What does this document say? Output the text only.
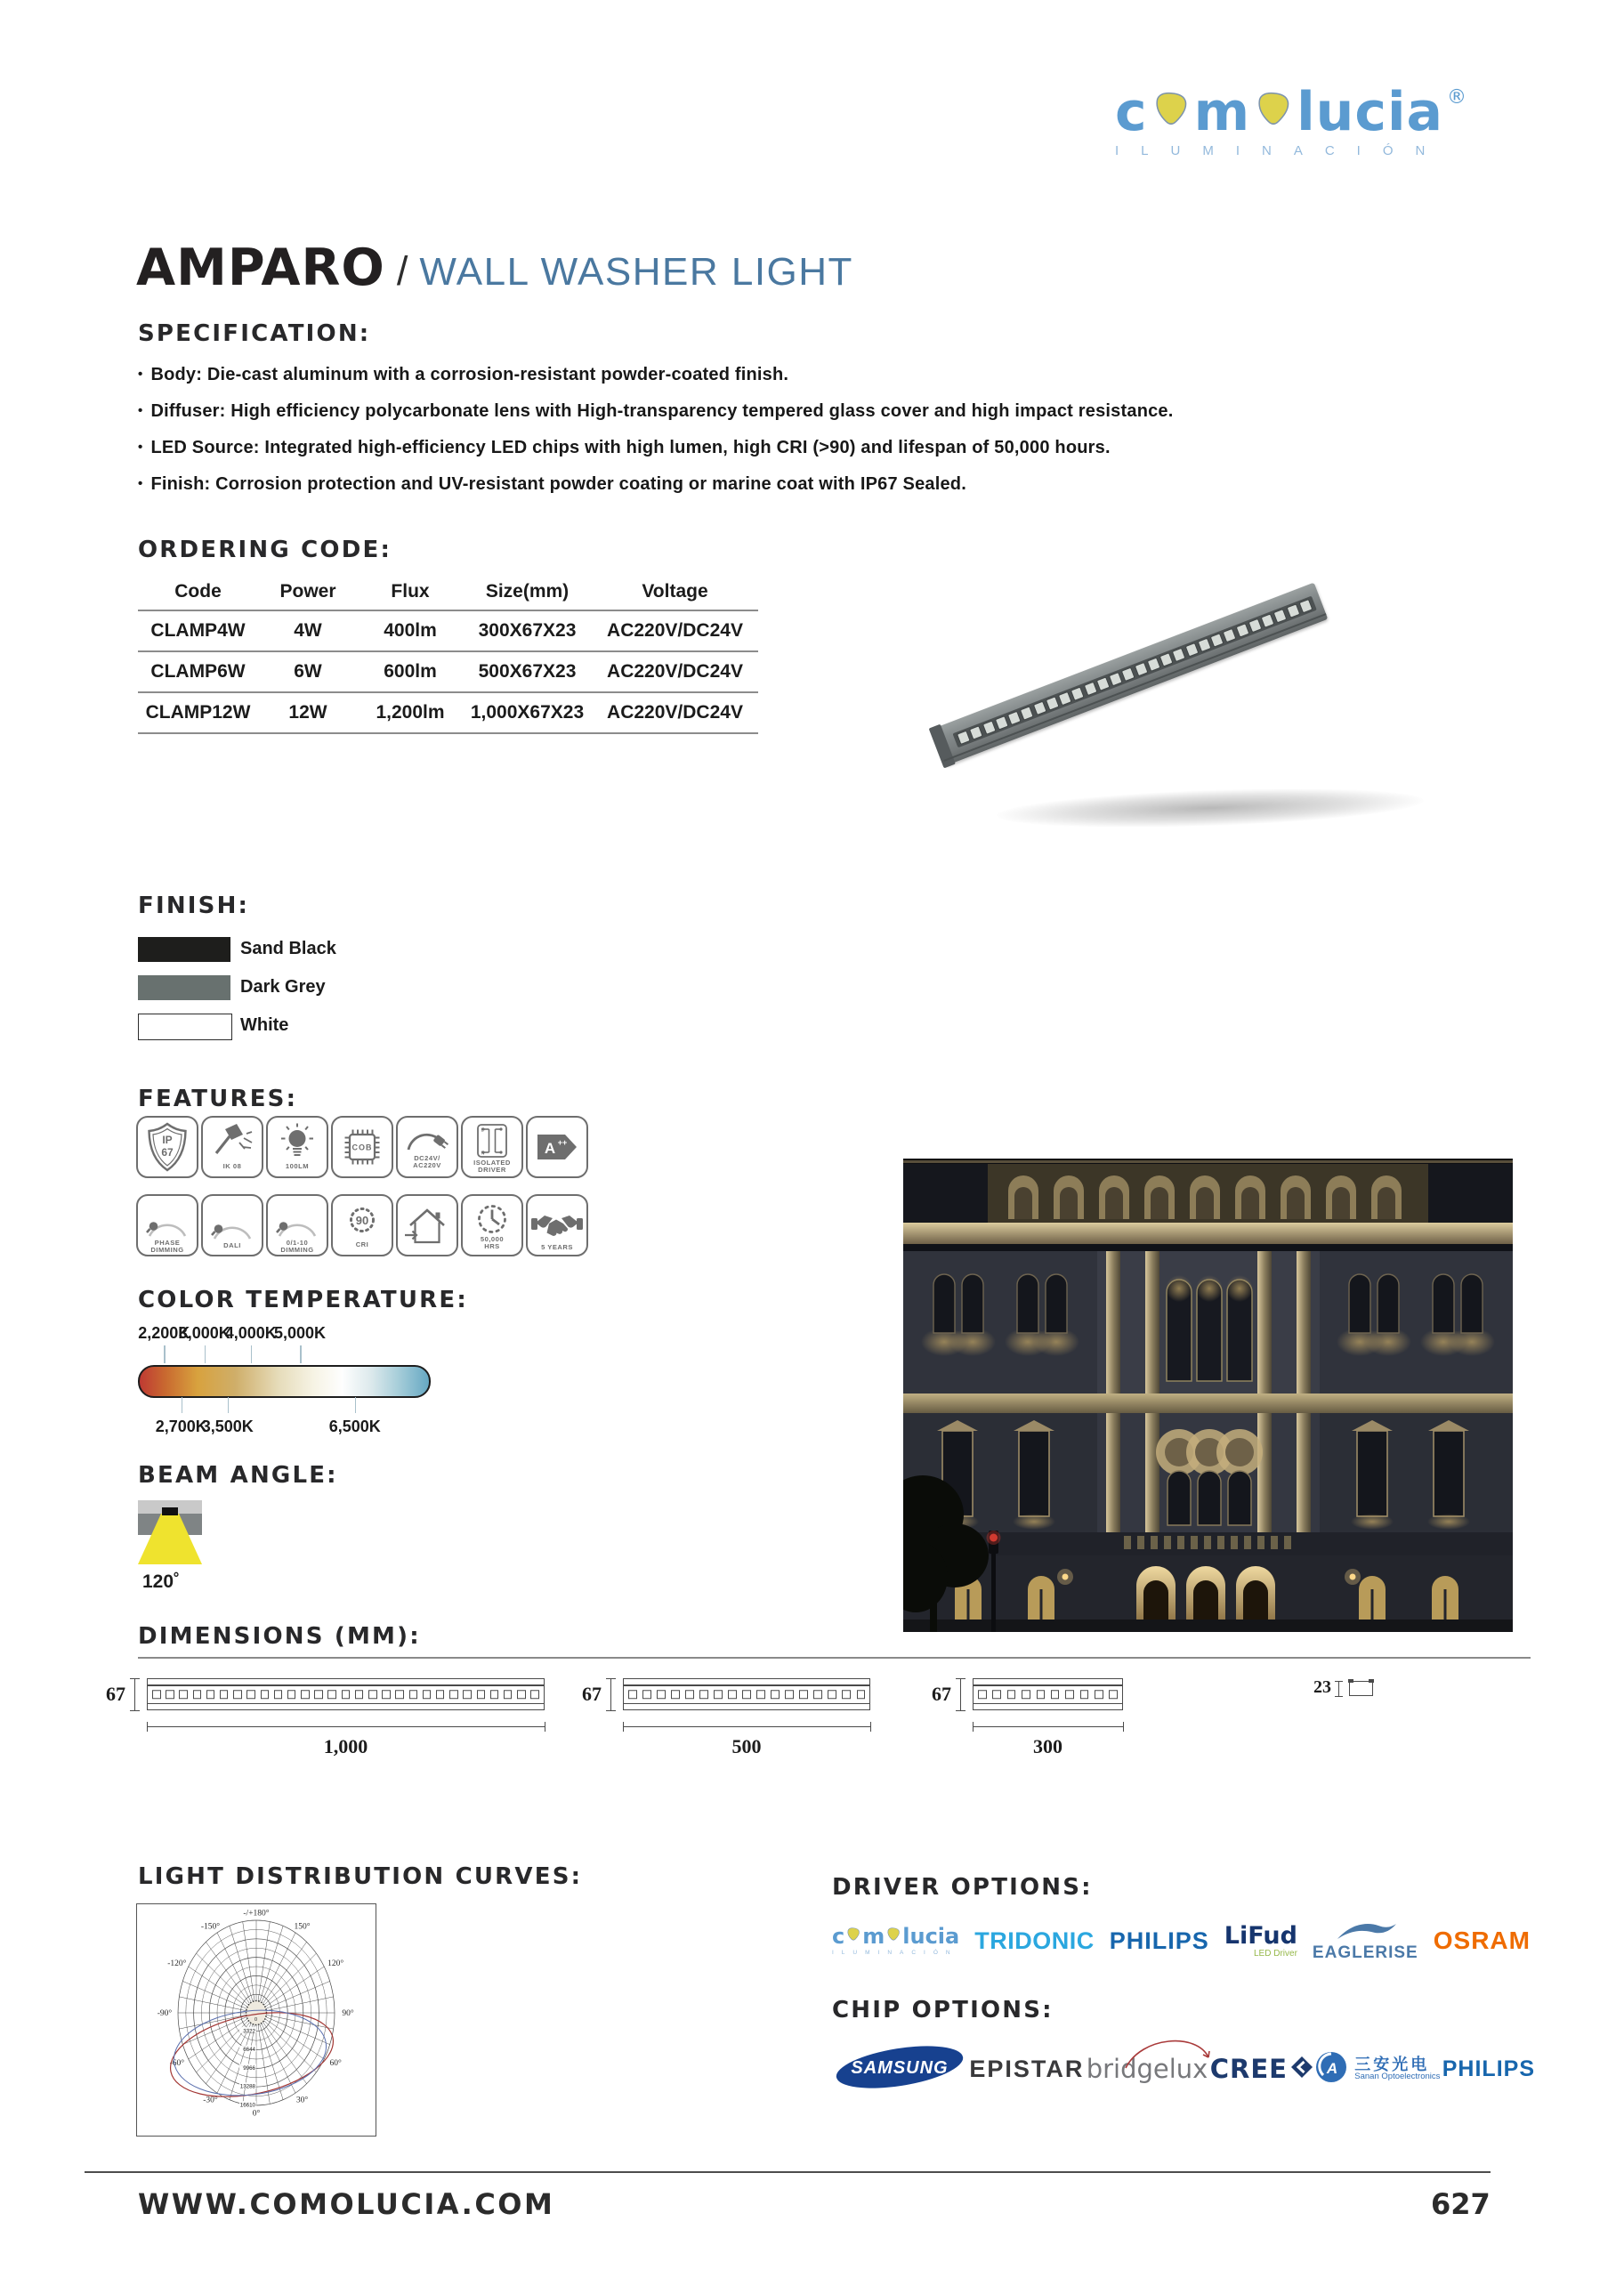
c m lucia ®
ILUMINACIÓN
AMPARO / WALL WASHER LIGHT
SPECIFICATION:
• Body: Die-cast aluminum with a corrosion-resistant powder-coated finish.
• Diffuser: High efficiency polycarbonate lens with High-transparency tempered glass cover and high impact resistance.
• LED Source: Integrated high-efficiency LED chips with high lumen, high CRI (>90) and lifespan of 50,000 hours.
• Finish: Corrosion protection and UV-resistant powder coating or marine coat with IP67 Sealed.
ORDERING CODE:
Code	Power	Flux	Size(mm)	Voltage
CLAMP4W	4W	400lm	300X67X23	AC220V/DC24V
CLAMP6W	6W	600lm	500X67X23	AC220V/DC24V
CLAMP12W	12W	1,200lm	1,000X67X23	AC220V/DC24V
FINISH:
Sand Black
Dark Grey
White
FEATURES:
IP
67
IK 08	100LM
COB
DC24V/
AC220V
L
N
ISOLATED
DRIVER
A ++
PHASE
DIMMING
DALI	0/1-10
DIMMING
90
CRI
50,000
HRS	5 YEARS
COLOR TEMPERATURE:
2,200K
3,000K
4,000K
5,000K
2,700K
3,500K	6,500K
BEAM ANGLE:
120˚
DIMENSIONS (MM):
67
1,000
67
500
67
300
23
LIGHT DISTRIBUTION CURVES:
-/+180°
-150°	150°
-120°	120°
-90°	90°
-60°	60°
-30°	30°
0°
0
3322
6644
9966
13288
16610
DRIVER OPTIONS:
c m lucia
ILUMINACIÓN TRIDONIC PHILIPS LiFud
LED Driver EAGLERISE OSRAM
CHIP OPTIONS:
SAMSUNG EPISTAR bridgelux CREE	A 三安光电
Sanan Optoelectronics PHILIPS
WWW.COMOLUCIA.COM	627
